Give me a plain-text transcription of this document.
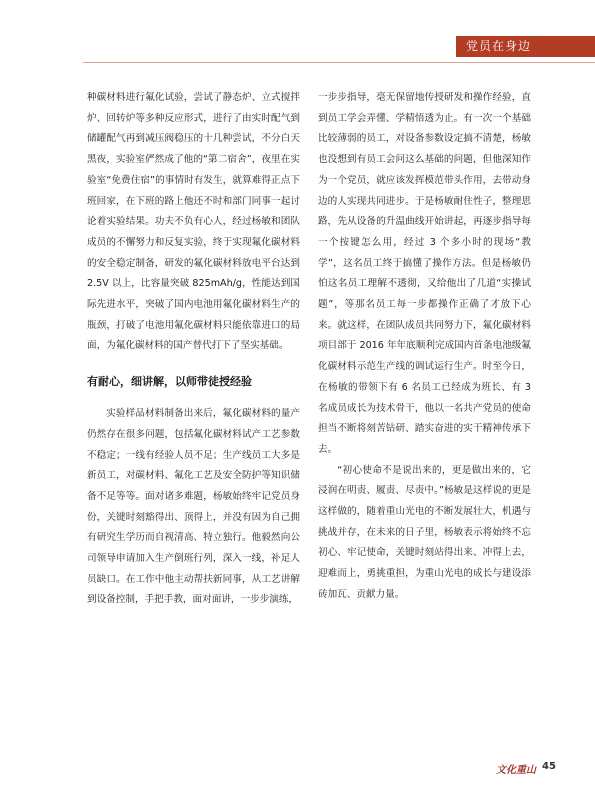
党员在身边

种碳材料进行氟化试验，尝试了静态炉、立式搅拌炉、回转炉等多种反应形式，进行了由实时配气到储罐配气再到减压阀稳压的十几种尝试，不分白天黑夜，实验室俨然成了他的“第二宿舍”，夜里在实验室“免费住宿”的事情时有发生，就算难得正点下班回家，在下班的路上他还不时和部门同事一起讨论着实验结果。功夫不负有心人，经过杨敏和团队成员的不懈努力和反复实验，终于实现氟化碳材料的安全稳定制备，研发的氟化碳材料放电平台达到 2.5V 以上，比容量突破 825mAh/g，性能达到国际先进水平，突破了国内电池用氟化碳材料生产的瓶颈，打破了电池用氟化碳材料只能依靠进口的局面，为氟化碳材料的国产替代打下了坚实基础。

有耐心，细讲解，以师带徒授经验

实验样品材料制备出来后，氟化碳材料的量产仍然存在很多问题，包括氟化碳材料试产工艺参数不稳定；一线有经验人员不足；生产线员工大多是新员工，对碳材料、氟化工艺及安全防护等知识储备不足等等。面对诸多难题，杨敏始终牢记党员身份，关键时刻豁得出、顶得上，并没有因为自己拥有研究生学历而自视清高、特立独行。他毅然向公司领导申请加入生产倒班行列，深入一线，补足人员缺口。在工作中他主动帮扶新同事，从工艺讲解到设备控制，手把手教，面对面讲，一步步演练，

一步步指导，毫无保留地传授研发和操作经验，直到员工学会弄懂、学精悟透为止。有一次一个基础比较薄弱的员工，对设备参数设定搞不清楚，杨敏也没想到有员工会问这么基础的问题，但他深知作为一个党员，就应该发挥模范带头作用，去带动身边的人实现共同进步。于是杨敏耐住性子，整理思路，先从设备的升温曲线开始讲起，再逐步指导每一个按键怎么用，经过 3 个多小时的现场“教学”，这名员工终于搞懂了操作方法。但是杨敏仍怕这名员工理解不透彻，又给他出了几道“实操试题”，等那名员工每一步都操作正确了才放下心来。就这样，在团队成员共同努力下，氟化碳材料项目部于 2016 年年底顺利完成国内首条电池级氟化碳材料示范生产线的调试运行生产。时至今日，在杨敏的带领下有 6 名员工已经成为班长、有 3 名成员成长为技术骨干，他以一名共产党员的使命担当不断将刻苦钻研、踏实奋进的实干精神传承下去。

“初心使命不是说出来的，更是做出来的，它浸润在明责、履责、尽责中。”杨敏是这样说的更是这样做的，随着重山光电的不断发展壮大，机遇与挑战并存，在未来的日子里，杨敏表示将始终不忘初心、牢记使命，关键时刻站得出来、冲得上去，迎难而上，勇挑重担，为重山光电的成长与建设添砖加瓦、贡献力量。

文化重山 45
